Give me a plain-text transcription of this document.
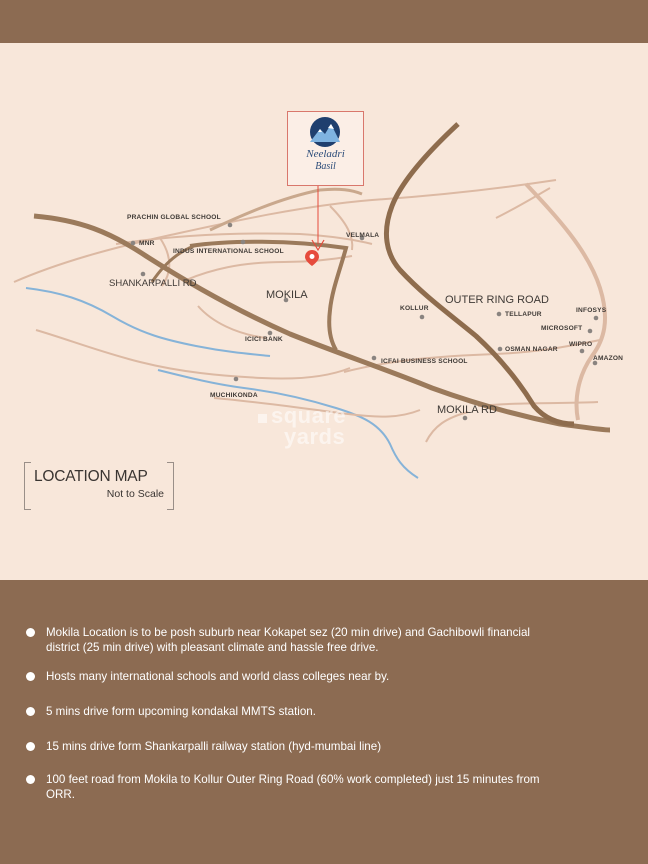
PRACHIN GLOBAL SCHOOL
MNR
INDUS INTERNATIONAL SCHOOL
VELMALA
SHANKARPALLI RD
MOKILA	OUTER RING ROAD
KOLLUR
TELLAPUR
INFOSYS
MICROSOFT
WIPRO
AMAZON
ICICI BANK
ICFAI BUSINESS SCHOOL
OSMAN NAGAR
MUCHIKONDA
MOKILA RD
Neeladri
Basil
square
yards
LOCATION MAP
Not to Scale
Mokila Location is to be posh suburb near Kokapet sez (20 min drive) and Gachibowli financial district (25 min drive) with pleasant climate and hassle free drive.
Hosts many international schools and world class colleges near by.
5 mins drive form upcoming kondakal MMTS station.
15 mins drive form Shankarpalli railway station (hyd-mumbai line)
100 feet road from Mokila to Kollur Outer Ring Road (60% work completed) just 15 minutes from ORR.
